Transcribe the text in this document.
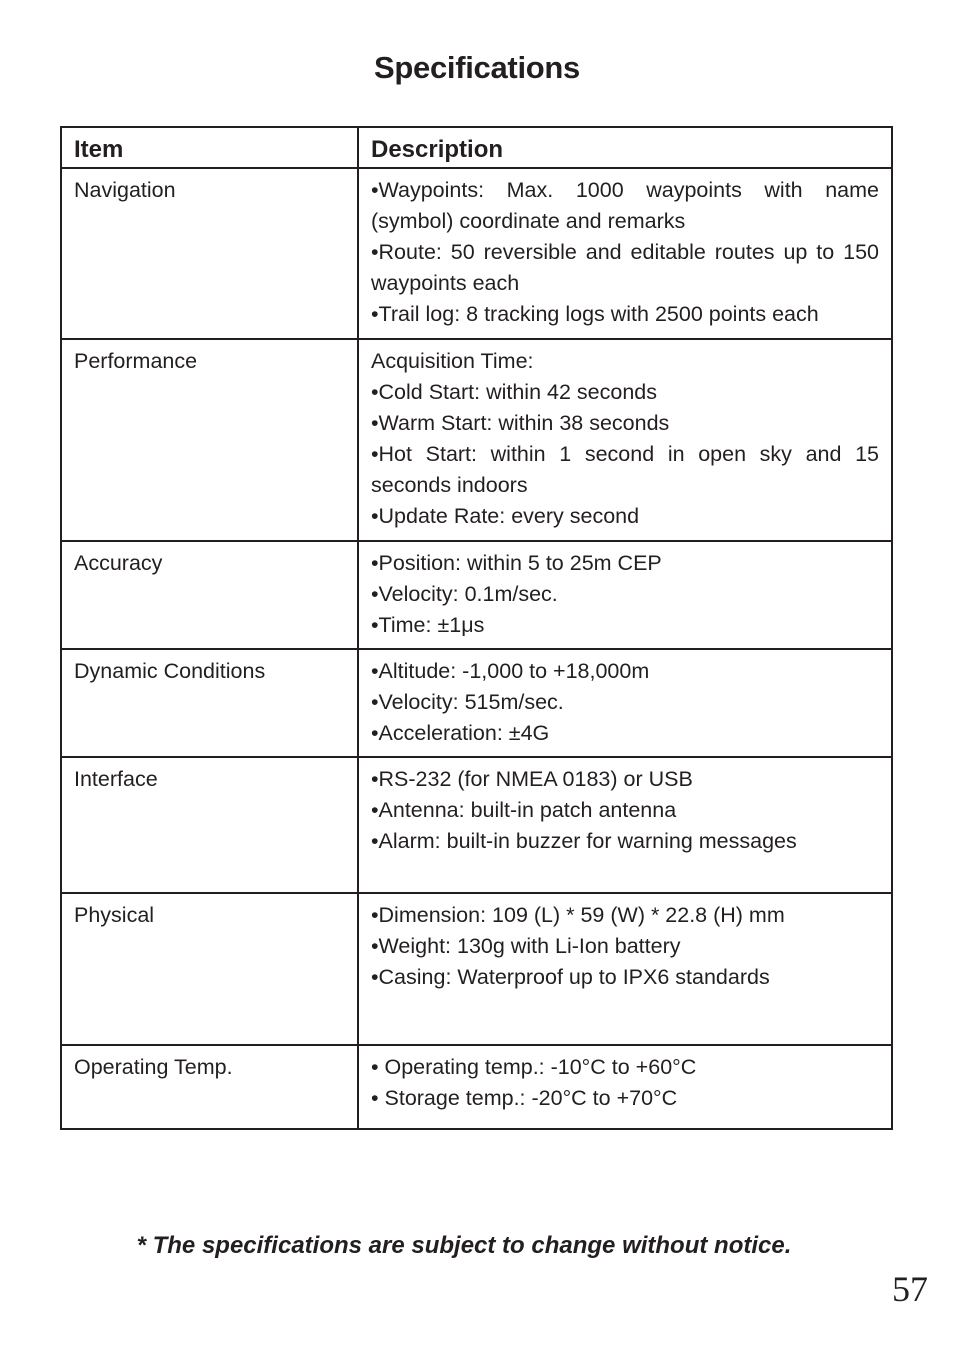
Specifications
Item	Description
Navigation	•Waypoints: Max. 1000 waypoints with name (symbol) coordinate and remarks
•Route: 50 reversible and editable routes up to 150 waypoints each
•Trail log: 8 tracking logs with 2500 points each

Performance	Acquisition Time:
•Cold Start: within 42 seconds
•Warm Start: within 38 seconds
•Hot Start: within 1 second in open sky and 15 seconds indoors
•Update Rate: every second

Accuracy	•Position: within 5 to 25m CEP
•Velocity: 0.1m/sec.
•Time: ±1μs

Dynamic Conditions	•Altitude: -1,000 to +18,000m
•Velocity: 515m/sec.
•Acceleration: ±4G

Interface	•RS-232 (for NMEA 0183) or USB
•Antenna: built-in patch antenna
•Alarm: built-in buzzer for warning messages

Physical	•Dimension: 109 (L) * 59 (W) * 22.8 (H) mm
•Weight: 130g with Li-Ion battery
•Casing: Waterproof up to IPX6 standards

Operating Temp.	• Operating temp.: -10°C to +60°C
• Storage temp.: -20°C to +70°C
* The specifications are subject to change without notice.
57
